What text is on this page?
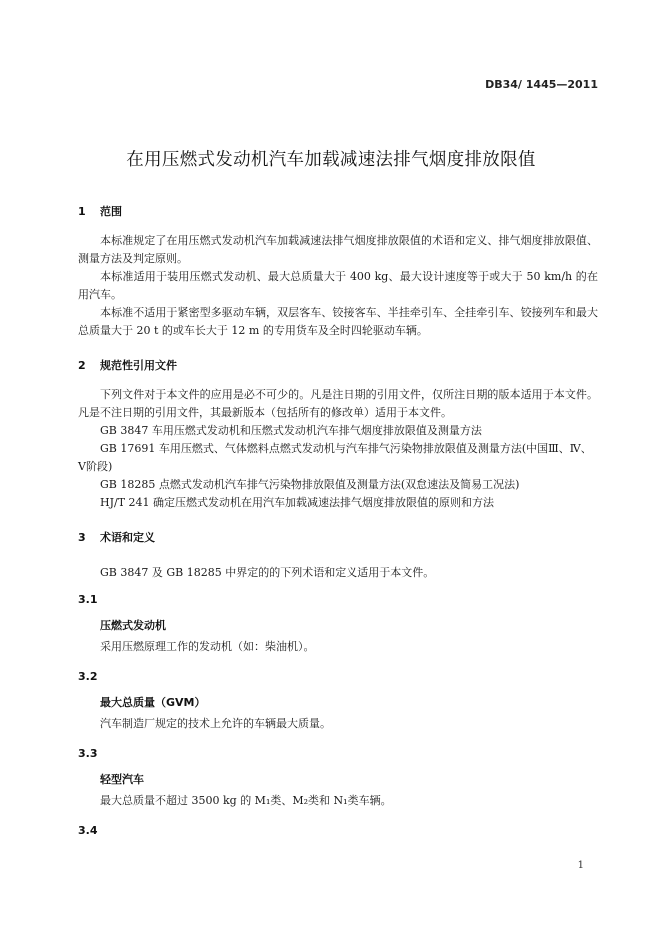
DB34/ 1445—2011
在用压燃式发动机汽车加载减速法排气烟度排放限值
1 范围

本标准规定了在用压燃式发动机汽车加载减速法排气烟度排放限值的术语和定义、排气烟度排放限值、测量方法及判定原则。

本标准适用于装用压燃式发动机、最大总质量大于 400 kg、最大设计速度等于或大于 50 km/h 的在用汽车。

本标准不适用于紧密型多驱动车辆，双层客车、铰接客车、半挂牵引车、全挂牵引车、铰接列车和最大总质量大于 20 t 的或车长大于 12 m 的专用货车及全时四轮驱动车辆。

2 规范性引用文件

下列文件对于本文件的应用是必不可少的。凡是注日期的引用文件，仅所注日期的版本适用于本文件。凡是不注日期的引用文件，其最新版本（包括所有的修改单）适用于本文件。

GB 3847 车用压燃式发动机和压燃式发动机汽车排气烟度排放限值及测量方法

GB 17691 车用压燃式、气体燃料点燃式发动机与汽车排气污染物排放限值及测量方法(中国Ⅲ、Ⅳ、Ⅴ阶段)

GB 18285 点燃式发动机汽车排气污染物排放限值及测量方法(双怠速法及简易工况法)

HJ/T 241 确定压燃式发动机在用汽车加载减速法排气烟度排放限值的原则和方法

3 术语和定义

GB 3847 及 GB 18285 中界定的的下列术语和定义适用于本文件。

3.1
压燃式发动机
采用压燃原理工作的发动机（如：柴油机）。
3.2
最大总质量（GVM）
汽车制造厂规定的技术上允许的车辆最大质量。
3.3
轻型汽车
最大总质量不超过 3500 kg 的 M₁类、M₂类和 N₁类车辆。
3.4
1
